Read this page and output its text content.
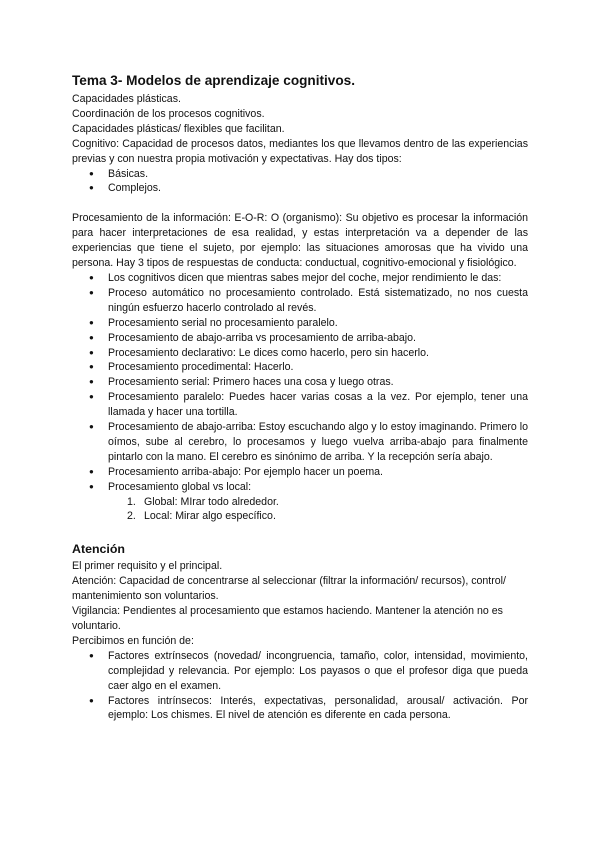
Tema 3- Modelos de aprendizaje cognitivos.

Capacidades plásticas.

Coordinación de los procesos cognitivos.

Capacidades plásticas/ flexibles que facilitan.

Cognitivo: Capacidad de procesos datos, mediantes los que llevamos dentro de las experiencias previas y con nuestra propia motivación y expectativas. Hay dos tipos:

● Básicas.
● Complejos.

Procesamiento de la información: E-O-R: O (organismo): Su objetivo es procesar la información para hacer interpretaciones de esa realidad, y estas interpretación va a depender de las experiencias que tiene el sujeto, por ejemplo: las situaciones amorosas que ha vivido una persona. Hay 3 tipos de respuestas de conducta: conductual, cognitivo-emocional y fisiológico.

● Los cognitivos dicen que mientras sabes mejor del coche, mejor rendimiento le das:
● Proceso automático no procesamiento controlado. Está sistematizado, no nos cuesta ningún esfuerzo hacerlo controlado al revés.
● Procesamiento serial no procesamiento paralelo.
● Procesamiento de abajo-arriba vs procesamiento de arriba-abajo.
● Procesamiento declarativo: Le dices como hacerlo, pero sin hacerlo.
● Procesamiento procedimental: Hacerlo.
● Procesamiento serial: Primero haces una cosa y luego otras.
● Procesamiento paralelo: Puedes hacer varias cosas a la vez. Por ejemplo, tener una llamada y hacer una tortilla.
● Procesamiento de abajo-arriba: Estoy escuchando algo y lo estoy imaginando. Primero lo oímos, sube al cerebro, lo procesamos y luego vuelva arriba-abajo para finalmente pintarlo con la mano. El cerebro es sinónimo de arriba. Y la recepción sería abajo.
● Procesamiento arriba-abajo: Por ejemplo hacer un poema.
● Procesamiento global vs local:
1. Global: MIrar todo alrededor.
2. Local: Mirar algo específico.
Atención

El primer requisito y el principal.

Atención: Capacidad de concentrarse al seleccionar (filtrar la información/ recursos), control/ mantenimiento son voluntarios.

Vigilancia: Pendientes al procesamiento que estamos haciendo. Mantener la atención no es voluntario.

Percibimos en función de:

● Factores extrínsecos (novedad/ incongruencia, tamaño, color, intensidad, movimiento, complejidad y relevancia. Por ejemplo: Los payasos o que el profesor diga que pueda caer algo en el examen.
● Factores intrínsecos: Interés, expectativas, personalidad, arousal/ activación. Por ejemplo: Los chismes. El nivel de atención es diferente en cada persona.
